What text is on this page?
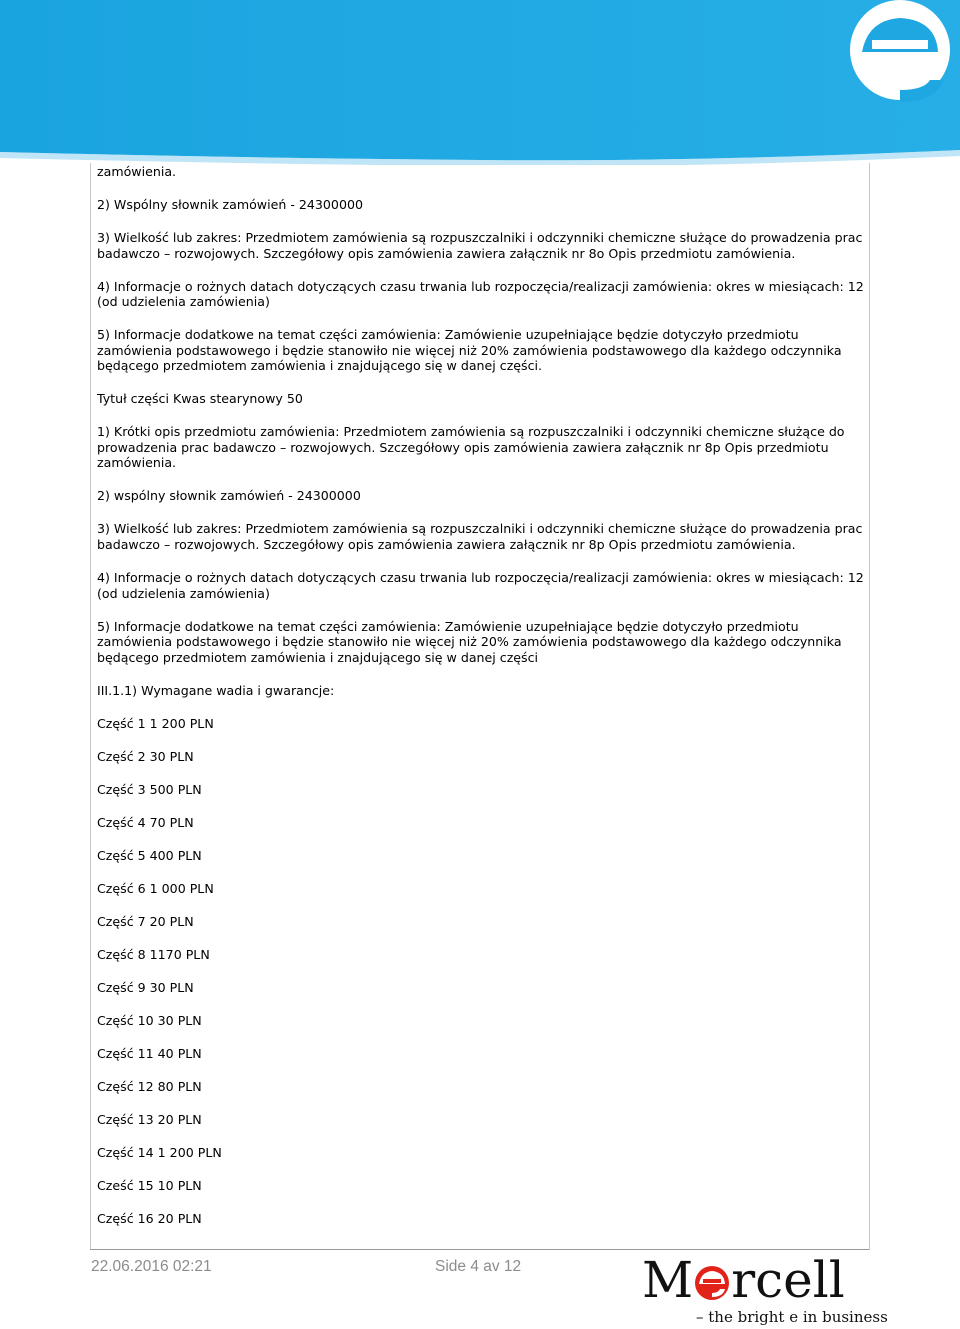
zamówienia.

2) Wspólny słownik zamówień - 24300000

3) Wielkość lub zakres: Przedmiotem zamówienia są rozpuszczalniki i odczynniki chemiczne służące do prowadzenia prac badawczo – rozwojowych. Szczegółowy opis zamówienia zawiera załącznik nr 8o Opis przedmiotu zamówienia.

4) Informacje o rożnych datach dotyczących czasu trwania lub rozpoczęcia/realizacji zamówienia: okres w miesiącach: 12 (od udzielenia zamówienia)

5) Informacje dodatkowe na temat części zamówienia: Zamówienie uzupełniające będzie dotyczyło przedmiotu zamówienia podstawowego i będzie stanowiło nie więcej niż 20% zamówienia podstawowego dla każdego odczynnika będącego przedmiotem zamówienia i znajdującego się w danej części.

Tytuł części Kwas stearynowy 50

1) Krótki opis przedmiotu zamówienia: Przedmiotem zamówienia są rozpuszczalniki i odczynniki chemiczne służące do prowadzenia prac badawczo – rozwojowych. Szczegółowy opis zamówienia zawiera załącznik nr 8p Opis przedmiotu zamówienia.

2) wspólny słownik zamówień - 24300000

3) Wielkość lub zakres: Przedmiotem zamówienia są rozpuszczalniki i odczynniki chemiczne służące do prowadzenia prac badawczo – rozwojowych. Szczegółowy opis zamówienia zawiera załącznik nr 8p Opis przedmiotu zamówienia.

4) Informacje o rożnych datach dotyczących czasu trwania lub rozpoczęcia/realizacji zamówienia: okres w miesiącach: 12 (od udzielenia zamówienia)

5) Informacje dodatkowe na temat części zamówienia: Zamówienie uzupełniające będzie dotyczyło przedmiotu zamówienia podstawowego i będzie stanowiło nie więcej niż 20% zamówienia podstawowego dla każdego odczynnika będącego przedmiotem zamówienia i znajdującego się w danej części

III.1.1) Wymagane wadia i gwarancje:

Część 1 1 200 PLN

Część 2 30 PLN

Część 3 500 PLN

Część 4 70 PLN

Część 5 400 PLN

Część 6 1 000 PLN

Część 7 20 PLN

Część 8 1170 PLN

Część 9 30 PLN

Część 10 30 PLN

Część 11 40 PLN

Część 12 80 PLN

Część 13 20 PLN

Część 14 1 200 PLN

Cześć 15 10 PLN

Część 16 20 PLN

22.06.2016 02:21	Side 4 av 12 M rcell
– the bright e in business
